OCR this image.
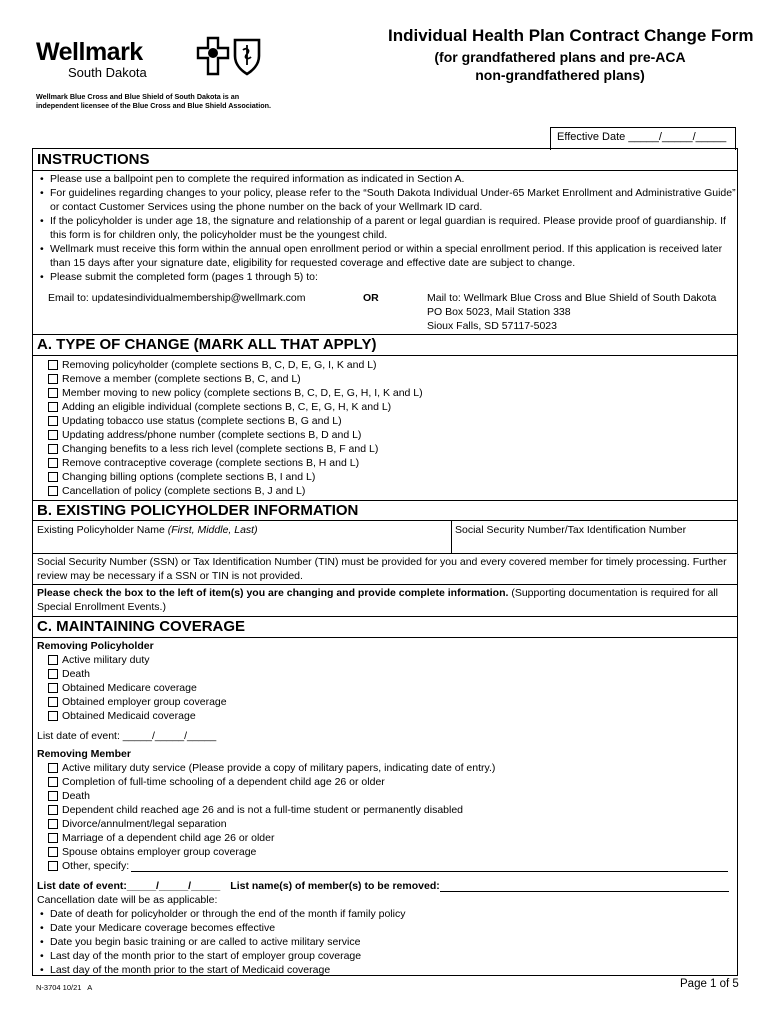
Wellmark
South Dakota
Wellmark Blue Cross and Blue Shield of South Dakota is an
independent licensee of the Blue Cross and Blue Shield Association.
Individual Health Plan Contract Change Form
(for grandfathered plans and pre-ACA
non-grandfathered plans)
Effective Date _____/_____/_____
INSTRUCTIONS
• Please use a ballpoint pen to complete the required information as indicated in Section A.
• For guidelines regarding changes to your policy, please refer to the “South Dakota Individual Under-65 Market Enrollment and Administrative Guide” or contact Customer Services using the phone number on the back of your Wellmark ID card.
• If the policyholder is under age 18, the signature and relationship of a parent or legal guardian is required. Please provide proof of guardianship. If this form is for children only, the policyholder must be the youngest child.
• Wellmark must receive this form within the annual open enrollment period or within a special enrollment period. If this application is received later than 15 days after your signature date, eligibility for requested coverage and effective date are subject to change.
• Please submit the completed form (pages 1 through 5) to:
Email to: updatesindividualmembership@wellmark.com	OR	Mail to: Wellmark Blue Cross and Blue Shield of South Dakota
PO Box 5023, Mail Station 338
Sioux Falls, SD 57117-5023
A. TYPE OF CHANGE (MARK ALL THAT APPLY)
Removing policyholder (complete sections B, C, D, E, G, I, K and L)
Remove a member (complete sections B, C, and L)
Member moving to new policy (complete sections B, C, D, E, G, H, I, K and L)
Adding an eligible individual (complete sections B, C, E, G, H, K and L)
Updating tobacco use status (complete sections B, G and L)
Updating address/phone number (complete sections B, D and L)
Changing benefits to a less rich level (complete sections B, F and L)
Remove contraceptive coverage (complete sections B, H and L)
Changing billing options (complete sections B, I and L)
Cancellation of policy (complete sections B, J and L)
B. EXISTING POLICYHOLDER INFORMATION
Existing Policyholder Name (First, Middle, Last)	Social Security Number/Tax Identification Number
Social Security Number (SSN) or Tax Identification Number (TIN) must be provided for you and every covered member for timely processing. Further review may be necessary if a SSN or TIN is not provided.
Please check the box to the left of item(s) you are changing and provide complete information. (Supporting documentation is required for all Special Enrollment Events.)
C. MAINTAINING COVERAGE
Removing Policyholder
Active military duty
Death
Obtained Medicare coverage
Obtained employer group coverage
Obtained Medicaid coverage
List date of event: _____/_____/_____
Removing Member
Active military duty service (Please provide a copy of military papers, indicating date of entry.)
Completion of full-time schooling of a dependent child age 26 or older
Death
Dependent child reached age 26 and is not a full-time student or permanently disabled
Divorce/annulment/legal separation
Marriage of a dependent child age 26 or older
Spouse obtains employer group coverage
Other, specify:
List date of event:_____/_____/_____ List name(s) of member(s) to be removed:
Cancellation date will be as applicable:
• Date of death for policyholder or through the end of the month if family policy
• Date your Medicare coverage becomes effective
• Date you begin basic training or are called to active military service
• Last day of the month prior to the start of employer group coverage
• Last day of the month prior to the start of Medicaid coverage
N-3704 10/21   A	Page 1 of 5
